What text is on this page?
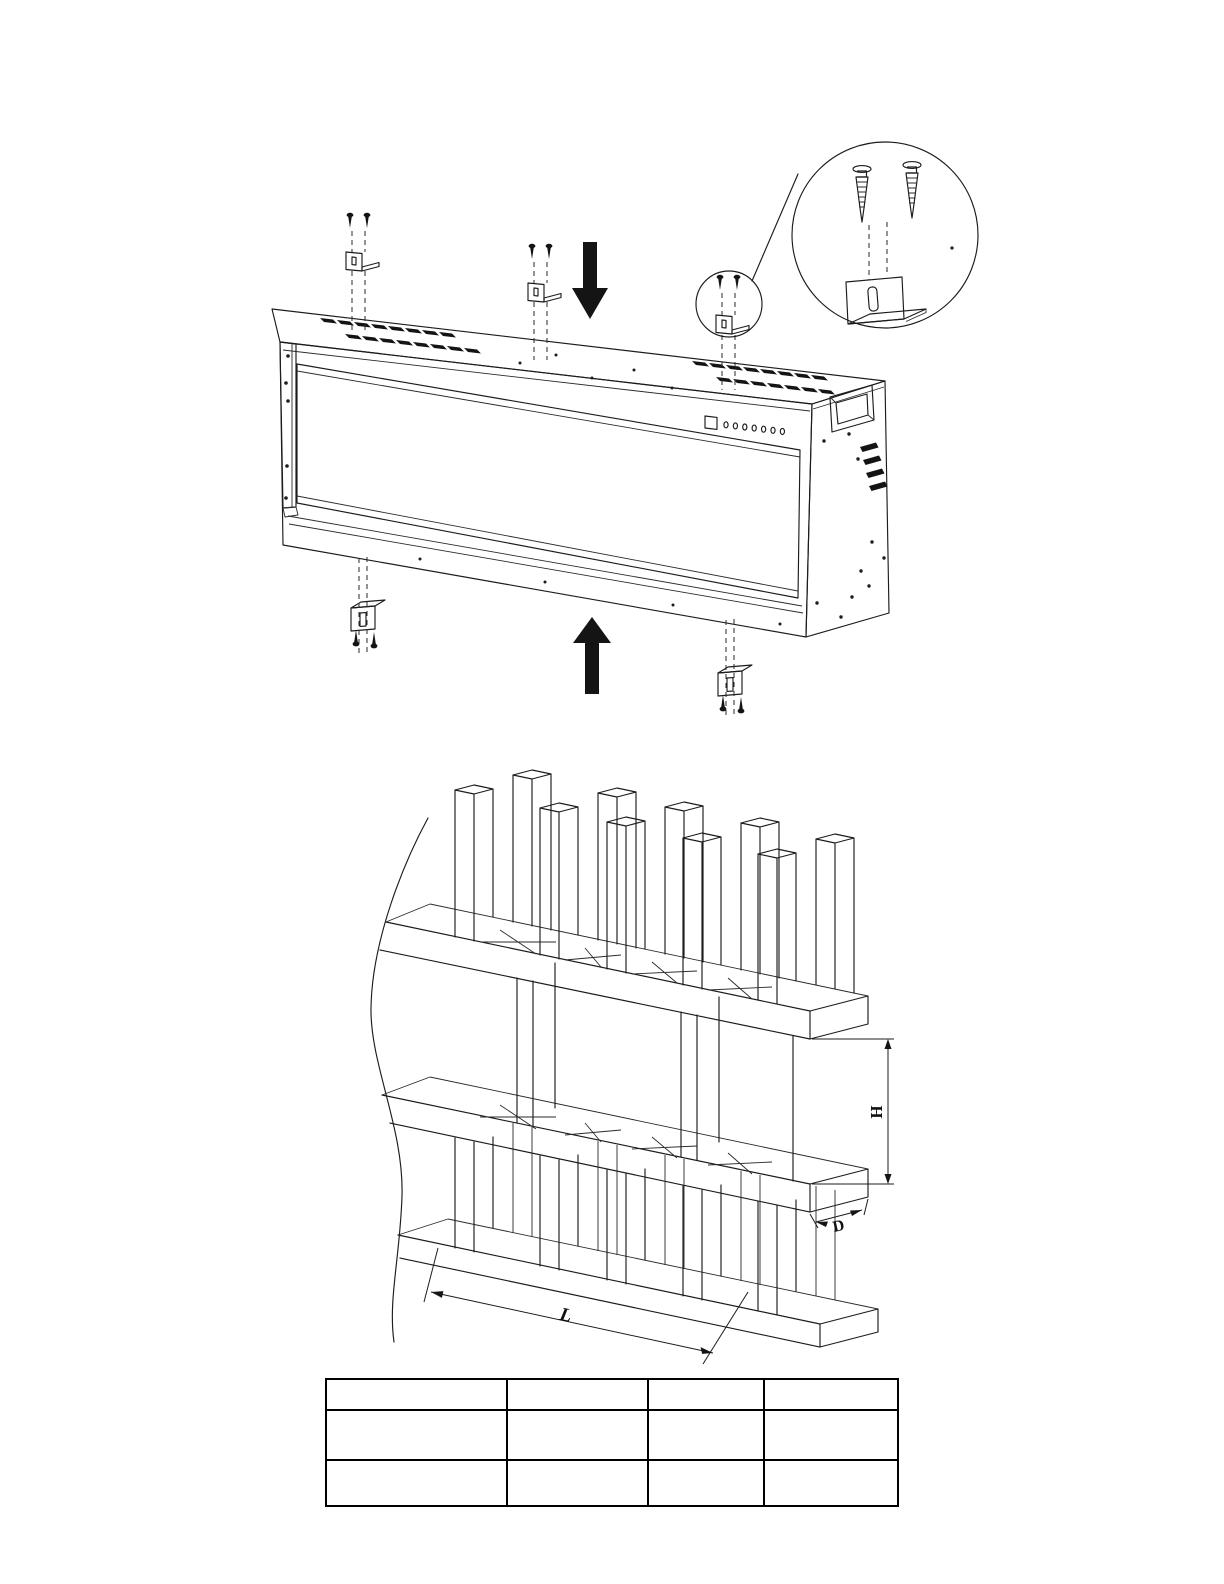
H
D
L
